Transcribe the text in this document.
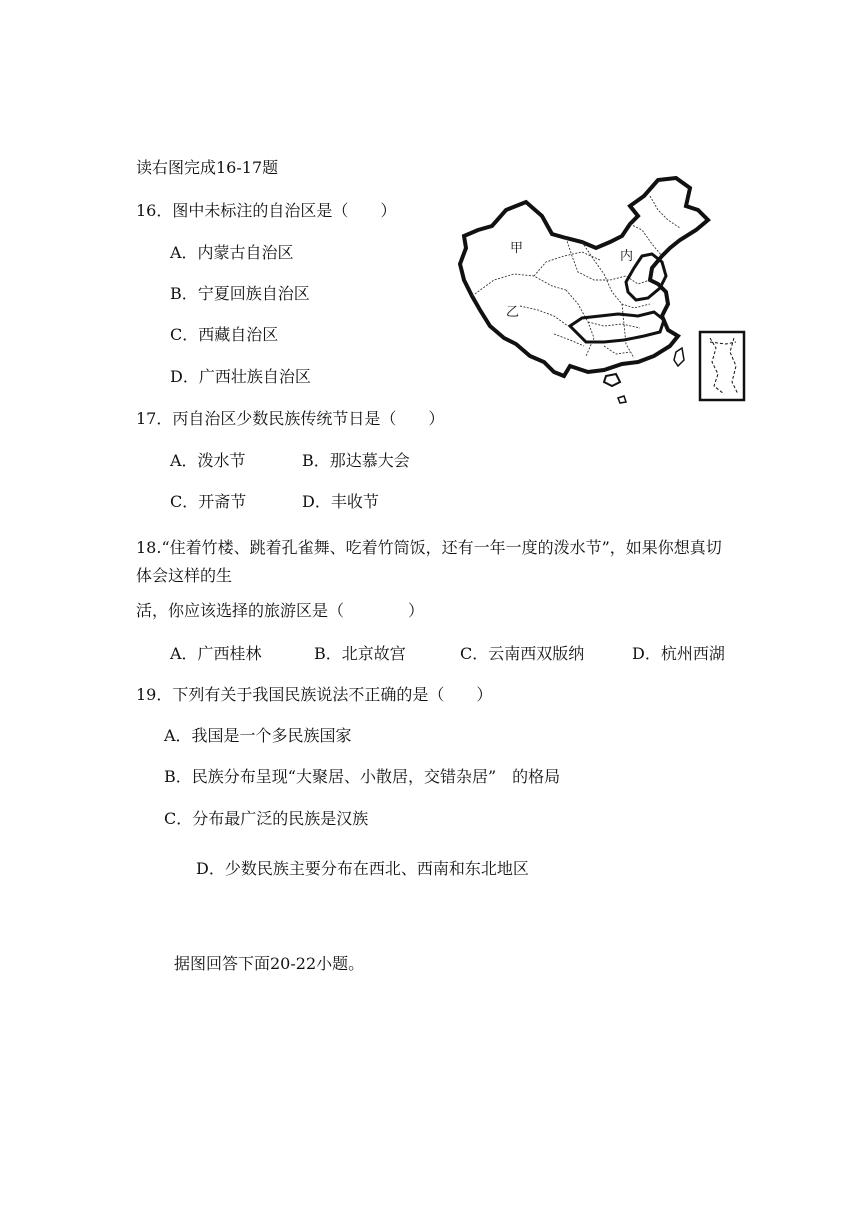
读右图完成16-17题
16．图中未标注的自治区是（　　）
A．内蒙古自治区
B．宁夏回族自治区
C．西藏自治区
D．广西壮族自治区
甲
乙
内
17．丙自治区少数民族传统节日是（　　）
A．泼水节	B．那达慕大会
C．开斋节	D．丰收节
18.“住着竹楼、跳着孔雀舞、吃着竹筒饭，还有一年一度的泼水节”，如果你想真切体会这样的生
活，你应该选择的旅游区是（　　　　）
A．广西桂林	B．北京故宫	C．云南西双版纳	D．杭州西湖
19．下列有关于我国民族说法不正确的是（　　）
A．我国是一个多民族国家
B．民族分布呈现“大聚居、小散居，交错杂居”　的格局
C．分布最广泛的民族是汉族
D．少数民族主要分布在西北、西南和东北地区
据图回答下面20-22小题。
